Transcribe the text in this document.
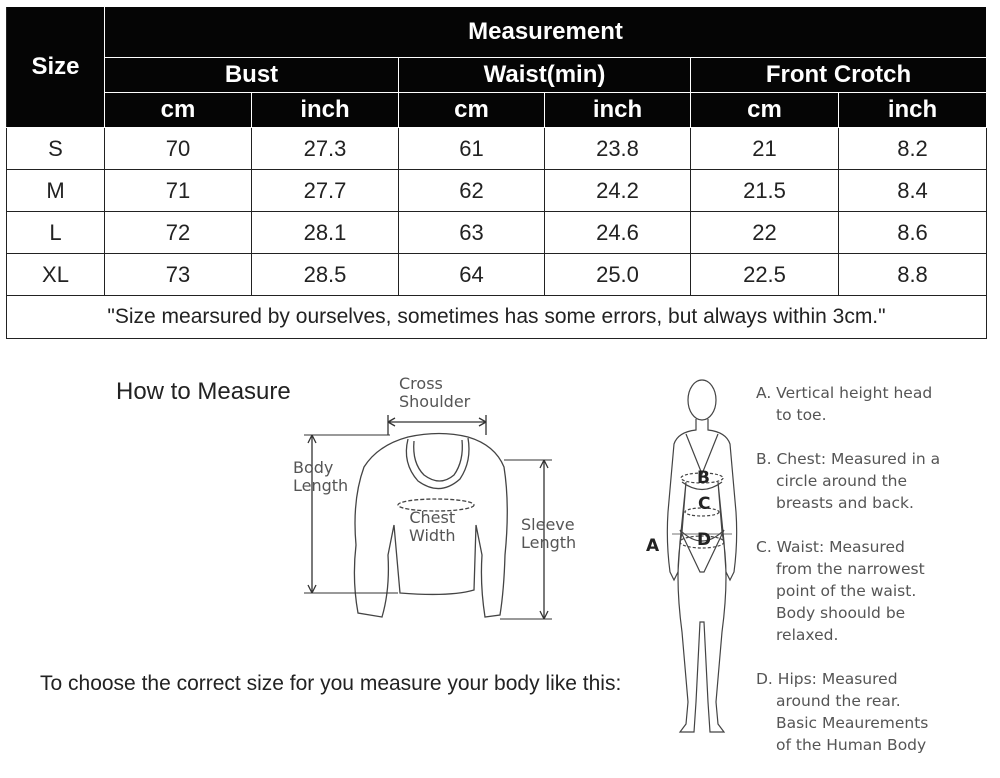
Size	Measurement					
	Bust		Waist(min)		Front Crotch	
	cm	inch	cm	inch	cm	inch
S	70	27.3	61	23.8	21	8.2
M	71	27.7	62	24.2	21.5	8.4
L	72	28.1	63	24.6	22	8.6
XL	73	28.5	64	25.0	22.5	8.8
"Size mearsured by ourselves, sometimes has some errors, but always within 3cm."						
How to Measure	Cross
Shoulder
Body
Length
Chest
Width
Sleeve
Length
To choose the correct size for you measure your body like this:
A
B
C
D
A. Vertical height head
to toe.
B. Chest: Measured in a
circle around the
breasts and back.
C. Waist: Measured
from the narrowest
point of the waist.
Body shoould be
relaxed.
D. Hips: Measured
around the rear.
Basic Meaurements
of the Human Body
